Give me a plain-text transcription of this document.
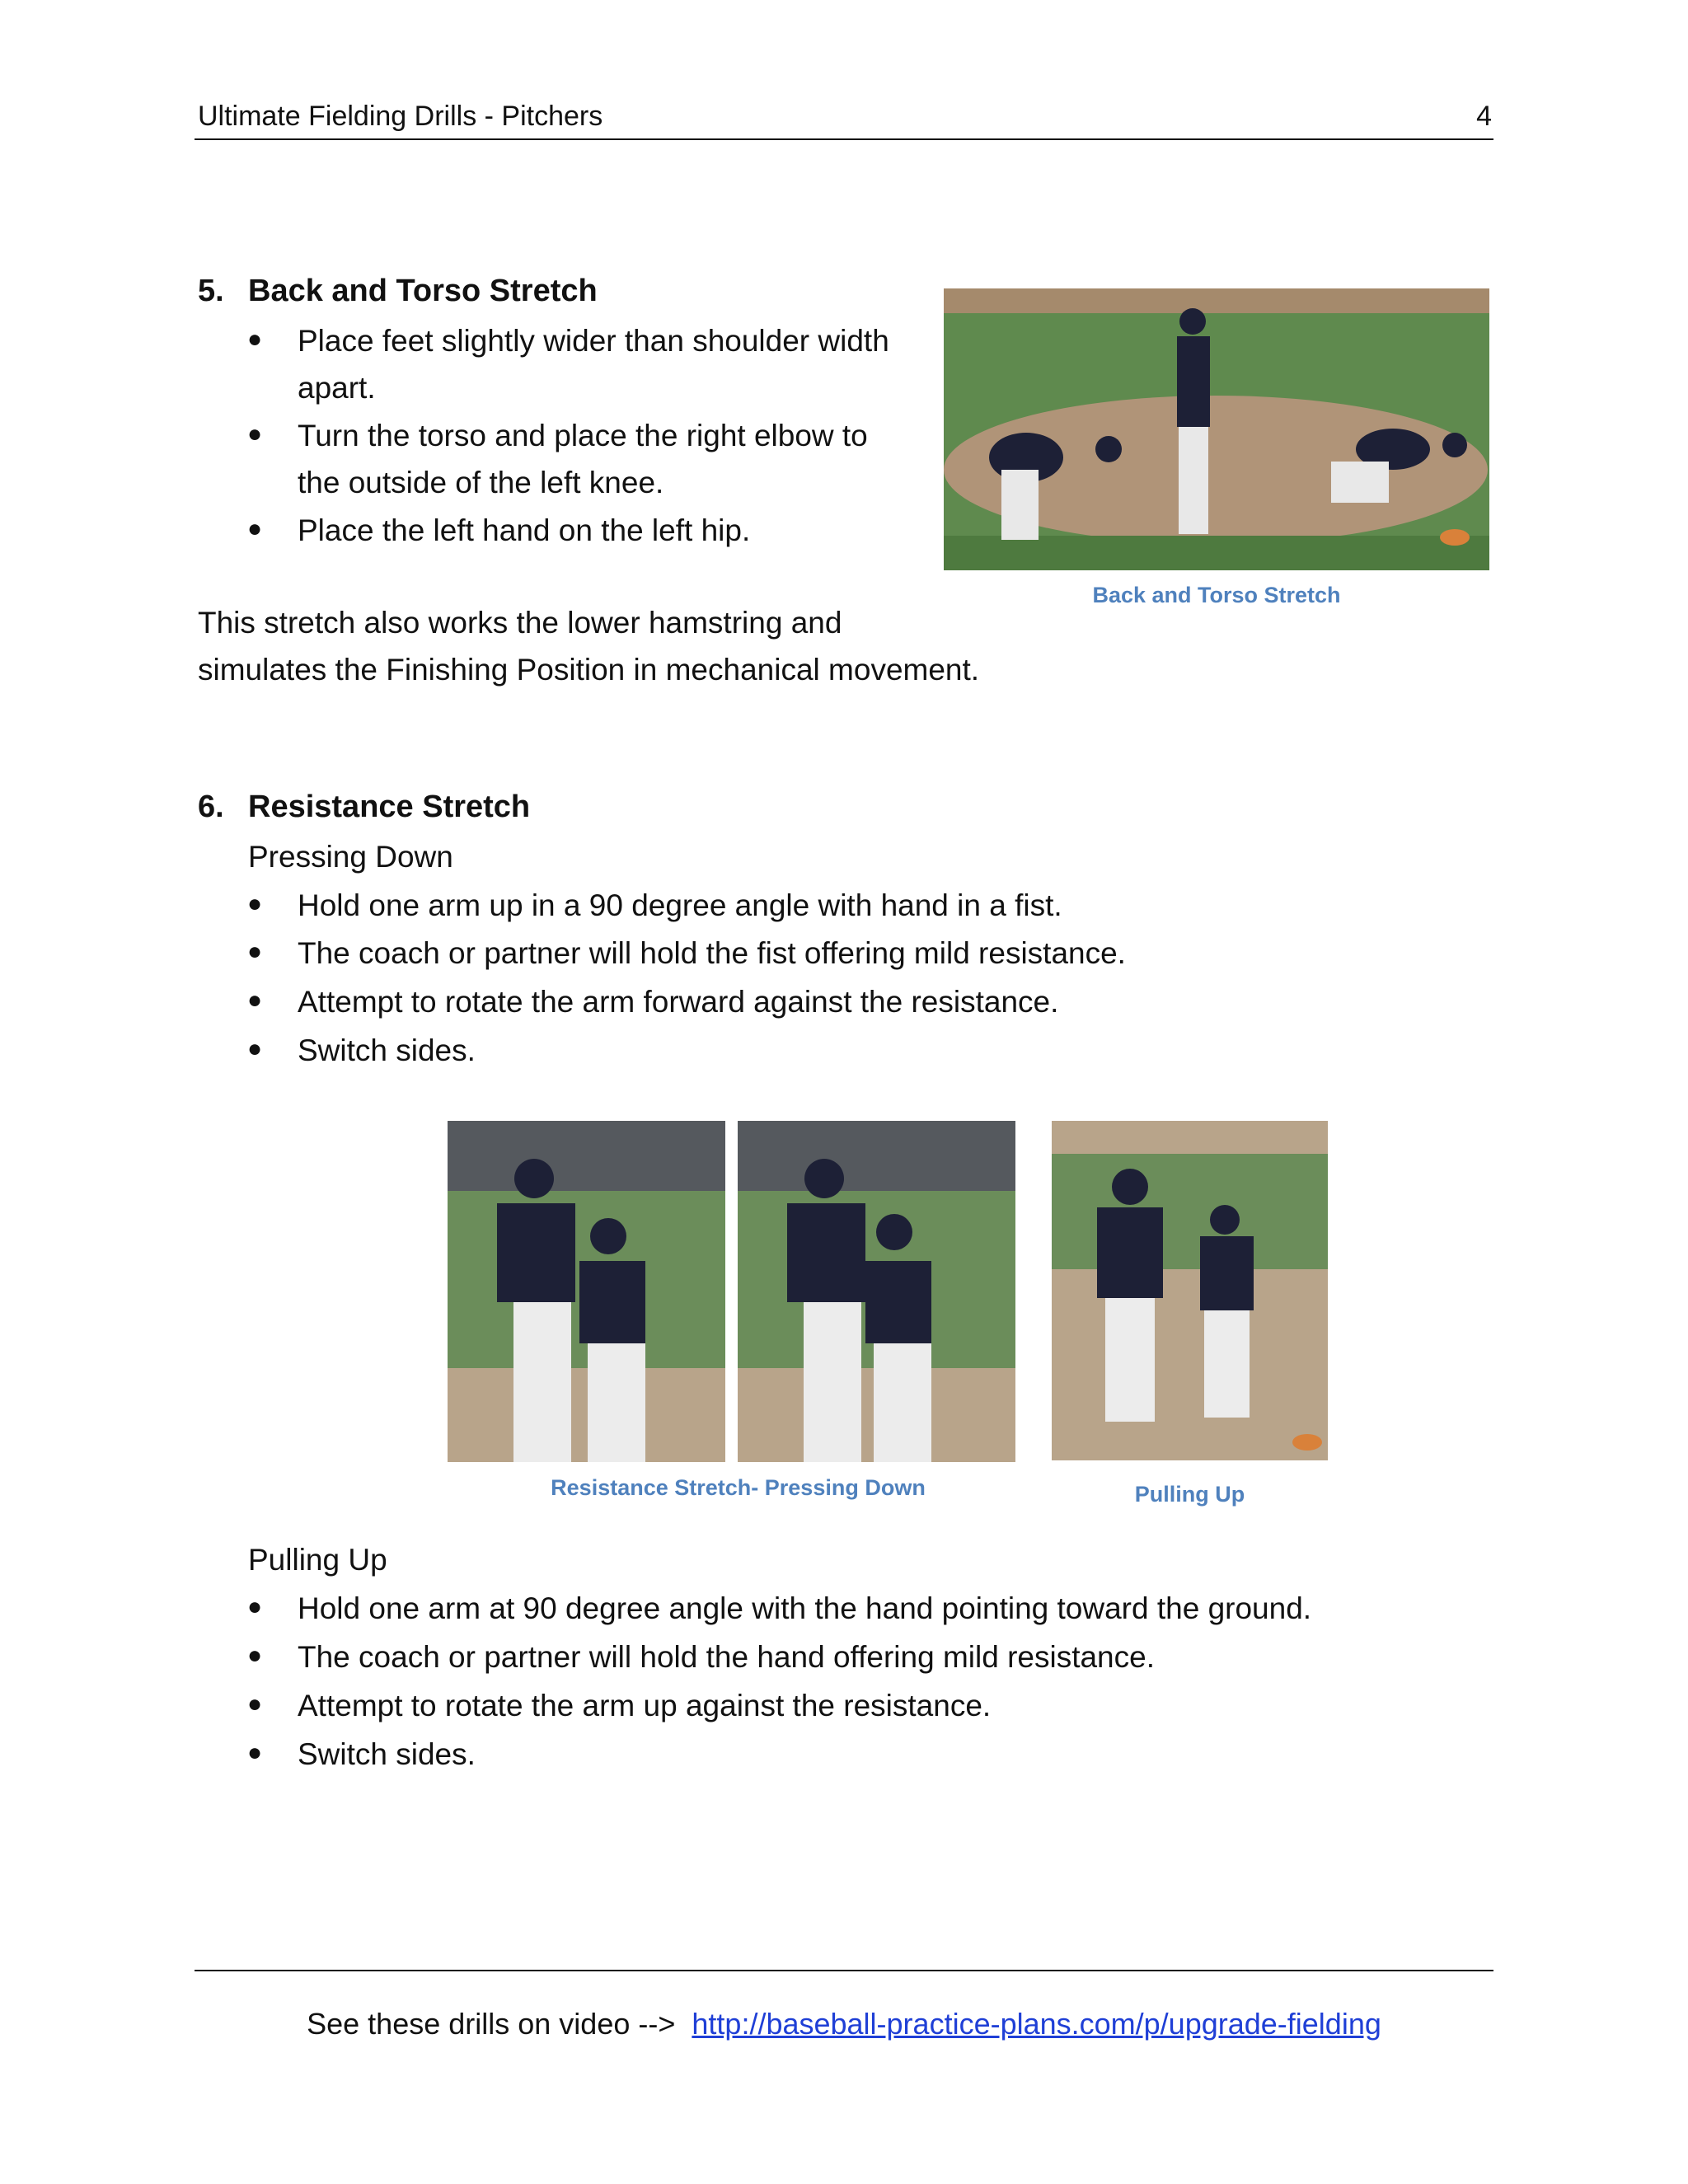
Ultimate Fielding Drills - Pitchers	4
5. Back and Torso Stretch
● Place feet slightly wider than shoulder width
apart.
● Turn the torso and place the right elbow to
the outside of the left knee.
● Place the left hand on the left hip.
This stretch also works the lower hamstring and
simulates the Finishing Position in mechanical movement.
Back and Torso Stretch
6. Resistance Stretch
Pressing Down
● Hold one arm up in a 90 degree angle with hand in a fist.
● The coach or partner will hold the fist offering mild resistance.
● Attempt to rotate the arm forward against the resistance.
● Switch sides.
Resistance Stretch- Pressing Down	Pulling Up
Pulling Up
● Hold one arm at 90 degree angle with the hand pointing toward the ground.
● The coach or partner will hold the hand offering mild resistance.
● Attempt to rotate the arm up against the resistance.
● Switch sides.
See these drills on video --> http://baseball-practice-plans.com/p/upgrade-fielding
